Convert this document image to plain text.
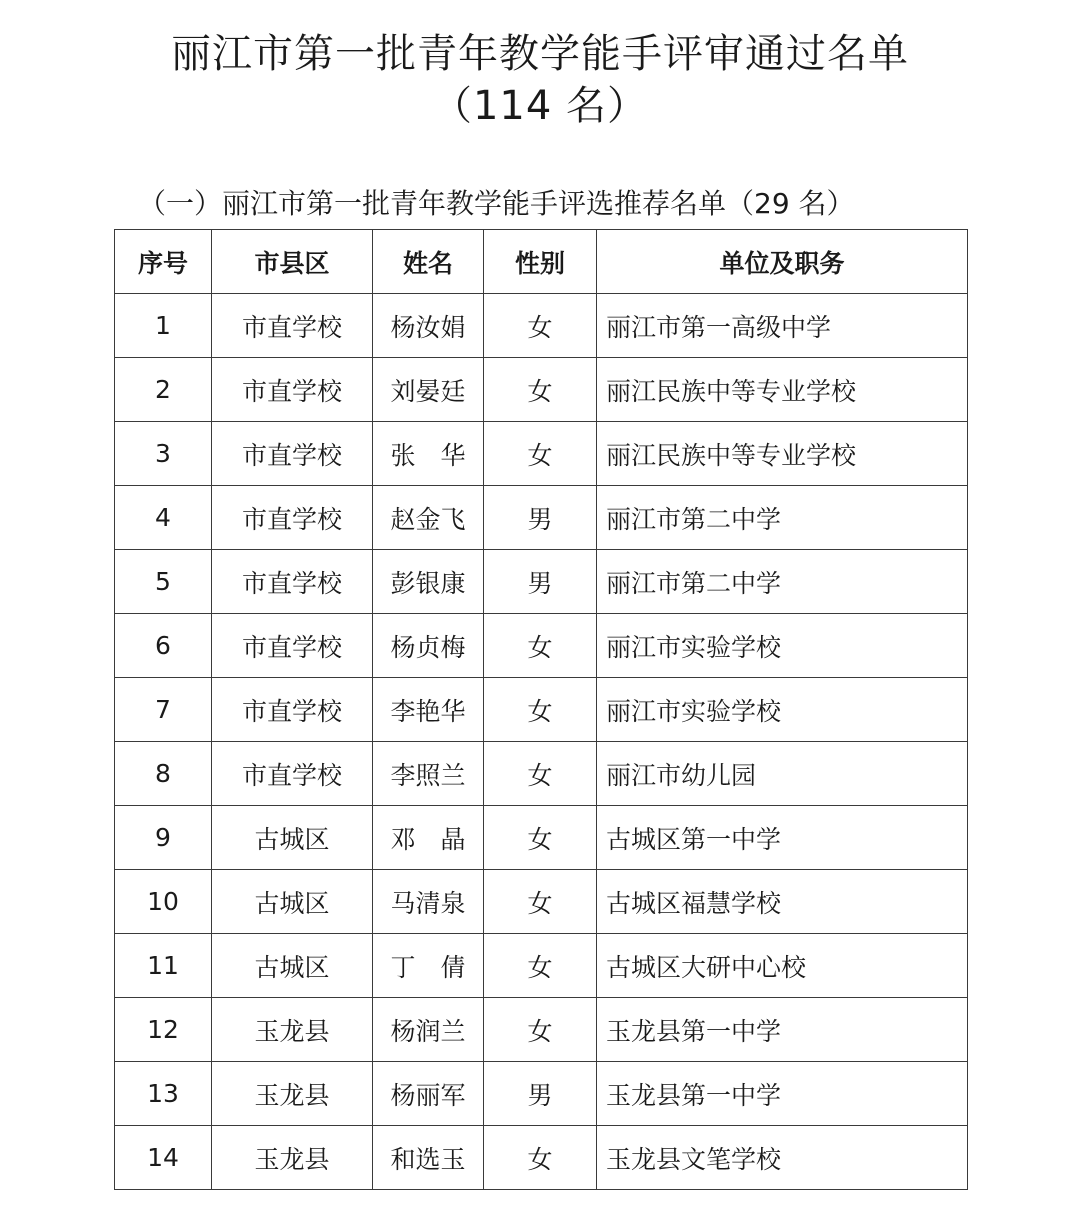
丽江市第一批青年教学能手评审通过名单
（114 名）
（一）丽江市第一批青年教学能手评选推荐名单（29 名）
序号	市县区	姓名	性别	单位及职务
1	市直学校	杨汝娟	女	丽江市第一高级中学
2	市直学校	刘晏廷	女	丽江民族中等专业学校
3	市直学校	张　华	女	丽江民族中等专业学校
4	市直学校	赵金飞	男	丽江市第二中学
5	市直学校	彭银康	男	丽江市第二中学
6	市直学校	杨贞梅	女	丽江市实验学校
7	市直学校	李艳华	女	丽江市实验学校
8	市直学校	李照兰	女	丽江市幼儿园
9	古城区	邓　晶	女	古城区第一中学
10	古城区	马清泉	女	古城区福慧学校
11	古城区	丁　倩	女	古城区大研中心校
12	玉龙县	杨润兰	女	玉龙县第一中学
13	玉龙县	杨丽军	男	玉龙县第一中学
14	玉龙县	和选玉	女	玉龙县文笔学校
